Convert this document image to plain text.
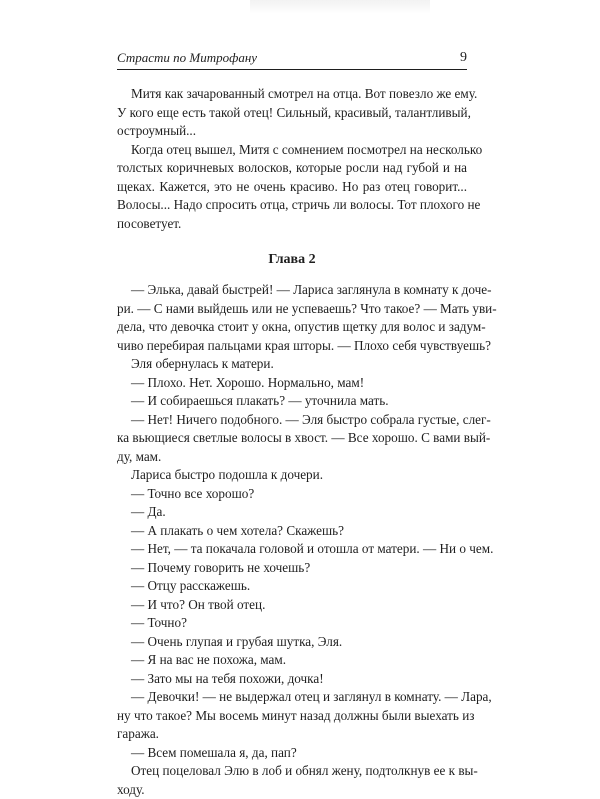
Страсти по Митрофану	9
Митя как зачарованный смотрел на отца. Вот повезло же ему.
У кого еще есть такой отец! Сильный, красивый, талантливый,
остроумный...
Когда отец вышел, Митя с сомнением посмотрел на несколько
толстых коричневых волосков, которые росли над губой и на
щеках. Кажется, это не очень красиво. Но раз отец говорит...
Волосы... Надо спросить отца, стричь ли волосы. Тот плохого не
посоветует.
Глава 2
— Элька, давай быстрей! — Лариса заглянула в комнату к доче-
ри. — С нами выйдешь или не успеваешь? Что такое? — Мать уви-
дела, что девочка стоит у окна, опустив щетку для волос и задум-
чиво перебирая пальцами края шторы. — Плохо себя чувствуешь?
Эля обернулась к матери.
— Плохо. Нет. Хорошо. Нормально, мам!
— И собираешься плакать? — уточнила мать.
— Нет! Ничего подобного. — Эля быстро собрала густые, слег-
ка вьющиеся светлые волосы в хвост. — Все хорошо. С вами вый-
ду, мам.
Лариса быстро подошла к дочери.
— Точно все хорошо?
— Да.
— А плакать о чем хотела? Скажешь?
— Нет, — та покачала головой и отошла от матери. — Ни о чем.
— Почему говорить не хочешь?
— Отцу расскажешь.
— И что? Он твой отец.
— Точно?
— Очень глупая и грубая шутка, Эля.
— Я на вас не похожа, мам.
— Зато мы на тебя похожи, дочка!
— Девочки! — не выдержал отец и заглянул в комнату. — Лара,
ну что такое? Мы восемь минут назад должны были выехать из
гаража.
— Всем помешала я, да, пап?
Отец поцеловал Элю в лоб и обнял жену, подтолкнув ее к вы-
ходу.
